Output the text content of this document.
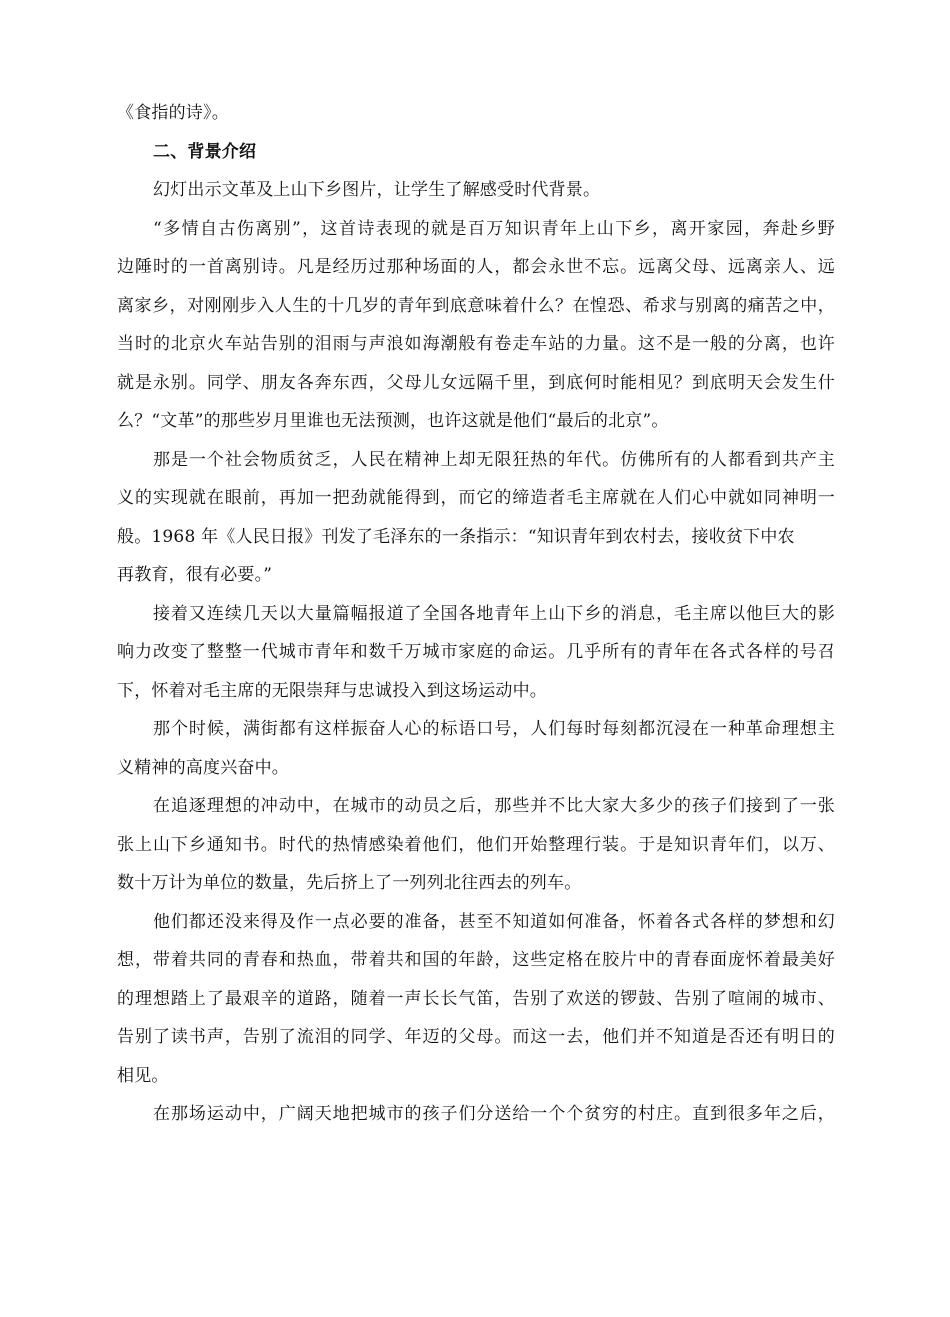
《食指的诗》。
二、背景介绍
幻灯出示文革及上山下乡图片，让学生了解感受时代背景。
“多情自古伤离别”，这首诗表现的就是百万知识青年上山下乡，离开家园，奔赴乡野
边陲时的一首离别诗。凡是经历过那种场面的人，都会永世不忘。远离父母、远离亲人、远
离家乡，对刚刚步入人生的十几岁的青年到底意味着什么？在惶恐、希求与别离的痛苦之中，
当时的北京火车站告别的泪雨与声浪如海潮般有卷走车站的力量。这不是一般的分离，也许
就是永别。同学、朋友各奔东西，父母儿女远隔千里，到底何时能相见？到底明天会发生什
么？“文革”的那些岁月里谁也无法预测，也许这就是他们“最后的北京”。
那是一个社会物质贫乏，人民在精神上却无限狂热的年代。仿佛所有的人都看到共产主
义的实现就在眼前，再加一把劲就能得到，而它的缔造者毛主席就在人们心中就如同神明一
般。1968 年《人民日报》刊发了毛泽东的一条指示：“知识青年到农村去，接收贫下中农
再教育，很有必要。”
接着又连续几天以大量篇幅报道了全国各地青年上山下乡的消息，毛主席以他巨大的影
响力改变了整整一代城市青年和数千万城市家庭的命运。几乎所有的青年在各式各样的号召
下，怀着对毛主席的无限崇拜与忠诚投入到这场运动中。
那个时候，满街都有这样振奋人心的标语口号，人们每时每刻都沉浸在一种革命理想主
义精神的高度兴奋中。
在追逐理想的冲动中，在城市的动员之后，那些并不比大家大多少的孩子们接到了一张
张上山下乡通知书。时代的热情感染着他们，他们开始整理行装。于是知识青年们，以万、
数十万计为单位的数量，先后挤上了一列列北往西去的列车。
他们都还没来得及作一点必要的准备，甚至不知道如何准备，怀着各式各样的梦想和幻
想，带着共同的青春和热血，带着共和国的年龄，这些定格在胶片中的青春面庞怀着最美好
的理想踏上了最艰辛的道路，随着一声长长气笛，告别了欢送的锣鼓、告别了喧闹的城市、
告别了读书声，告别了流泪的同学、年迈的父母。而这一去，他们并不知道是否还有明日的
相见。
在那场运动中，广阔天地把城市的孩子们分送给一个个贫穷的村庄。直到很多年之后，
